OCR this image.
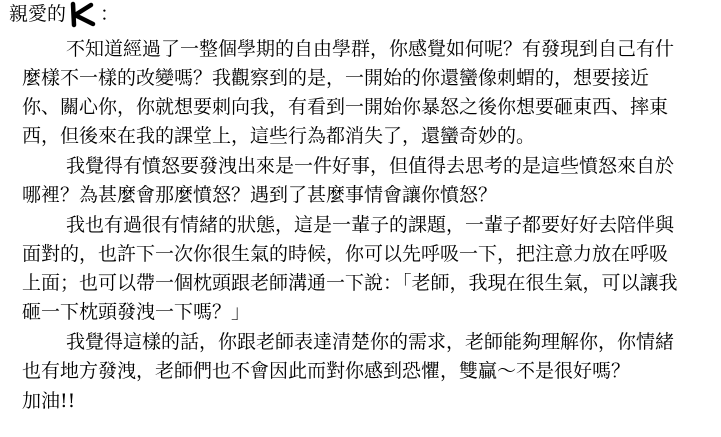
親愛的 ：
不知道經過了一整個學期的自由學群，你感覺如何呢？有發現到自己有什
麼樣不一樣的改變嗎？我觀察到的是，一開始的你還蠻像刺蝟的，想要接近
你、關心你，你就想要刺向我，有看到一開始你暴怒之後你想要砸東西、摔東
西，但後來在我的課堂上，這些行為都消失了，還蠻奇妙的。
我覺得有憤怒要發洩出來是一件好事，但值得去思考的是這些憤怒來自於
哪裡？為甚麼會那麼憤怒？遇到了甚麼事情會讓你憤怒？
我也有過很有情緒的狀態，這是一輩子的課題，一輩子都要好好去陪伴與
面對的，也許下一次你很生氣的時候，你可以先呼吸一下，把注意力放在呼吸
上面；也可以帶一個枕頭跟老師溝通一下說：「老師，我現在很生氣，可以讓我
砸一下枕頭發洩一下嗎？」
我覺得這樣的話，你跟老師表達清楚你的需求，老師能夠理解你，你情緒
也有地方發洩，老師們也不會因此而對你感到恐懼，雙贏～不是很好嗎？
加油!!
